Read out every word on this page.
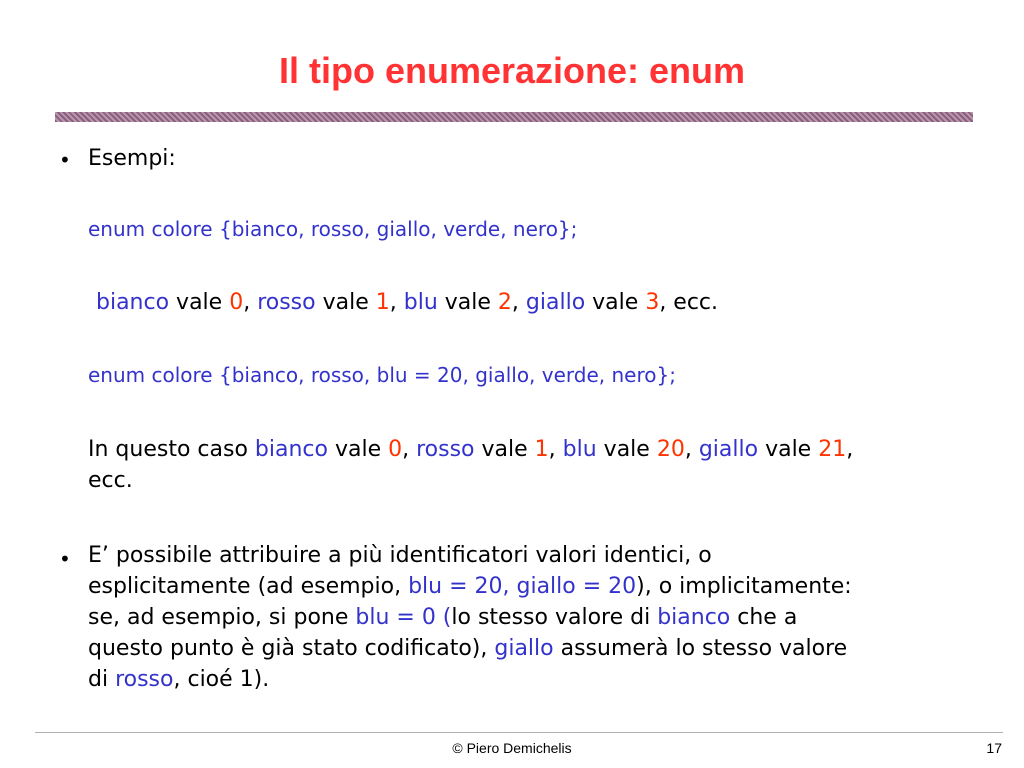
Il tipo enumerazione: enum
• Esempi:
enum colore {bianco, rosso, giallo, verde, nero};
bianco vale 0, rosso vale 1, blu vale 2, giallo vale 3, ecc.
enum colore {bianco, rosso, blu = 20, giallo, verde, nero};
In questo caso bianco vale 0, rosso vale 1, blu vale 20, giallo vale 21,
ecc.
• E’ possibile attribuire a più identificatori valori identici, o
esplicitamente (ad esempio, blu = 20, giallo = 20), o implicitamente:
se, ad esempio, si pone blu = 0 (lo stesso valore di bianco che a
questo punto è già stato codificato), giallo assumerà lo stesso valore
di rosso, cioé 1).
© Piero Demichelis	17
